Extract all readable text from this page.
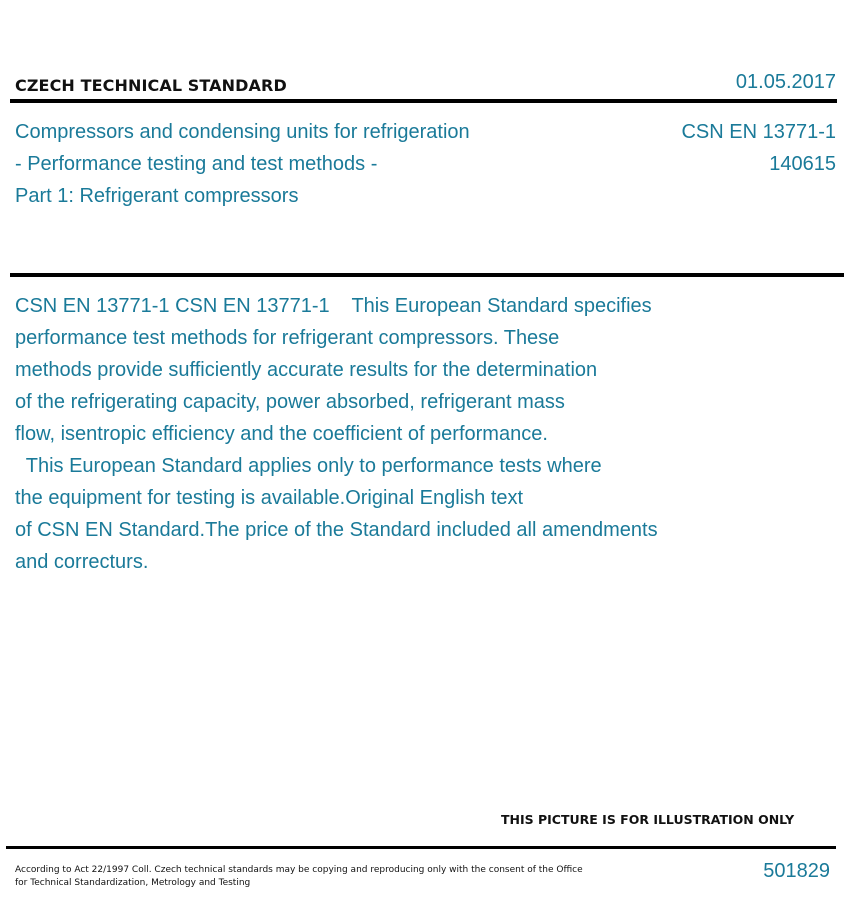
CZECH TECHNICAL STANDARD	01.05.2017
Compressors and condensing units for refrigeration
- Performance testing and test methods -
Part 1: Refrigerant compressors
CSN EN 13771-1
140615
CSN EN 13771-1 CSN EN 13771-1    This European Standard specifies
performance test methods for refrigerant compressors. These
methods provide sufficiently accurate results for the determination
of the refrigerating capacity, power absorbed, refrigerant mass
flow, isentropic efficiency and the coefficient of performance.
This European Standard applies only to performance tests where
the equipment for testing is available.Original English text
of CSN EN Standard.The price of the Standard included all amendments
and correcturs.
THIS PICTURE IS FOR ILLUSTRATION ONLY
According to Act 22/1997 Coll. Czech technical standards may be copying and reproducing only with the consent of the Office
for Technical Standardization, Metrology and Testing
501829
